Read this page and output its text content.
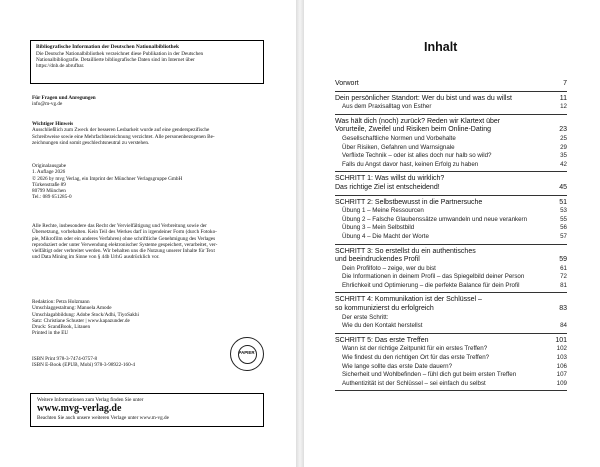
Bibliografische Information der Deutschen Nationalbibliothek
Die Deutsche Nationalbibliothek verzeichnet diese Publikation in der Deutschen
Nationalbibliografie. Detaillierte bibliografische Daten sind im Internet über
https://dnb.de abrufbar.
Für Fragen und Anregungen
info@m-vg.de
Wichtiger Hinweis
Ausschließlich zum Zweck der besseren Lesbarkeit wurde auf eine genderspezifische
Schreibweise sowie eine Mehrfachbezeichnung verzichtet. Alle personenbezogenen Be-
zeichnungen sind somit geschlechtsneutral zu verstehen.
Originalausgabe
1. Auflage 2026
© 2026 by mvg Verlag, ein Imprint der Münchner Verlagsgruppe GmbH
Türkenstraße 89
80799 München
Tel.: 089 651285-0
Alle Rechte, insbesondere das Recht der Vervielfältigung und Verbreitung sowie der
Übersetzung, vorbehalten. Kein Teil des Werkes darf in irgendeiner Form (durch Fotoko-
pie, Mikrofilm oder ein anderes Verfahren) ohne schriftliche Genehmigung des Verlages
reproduziert oder unter Verwendung elektronischer Systeme gespeichert, verarbeitet, ver-
vielfältigt oder verbreitet werden. Wir behalten uns die Nutzung unserer Inhalte für Text
und Data Mining im Sinne von § 44b UrhG ausdrücklich vor.
Redaktion: Petra Holzmann
Umschlaggestaltung: Manuela Amode
Umschlagabbildung: Adobe Stock/Adhi, TiyoSakhi
Satz: Christiane Schuster | www.kapazunder.de
Druck: ScandBook, Litauen
Printed in the EU
ISBN Print 978-3-7474-0757-8
ISBN E-Book (EPUB, Mobi) 978-3-98922-160-4
PAPIER
Weitere Informationen zum Verlag finden Sie unter
www.mvg-verlag.de
Beachten Sie auch unsere weiteren Verlage unter www.m-vg.de
Inhalt
Vorwort	7
Dein persönlicher Standort: Wer du bist und was du willst	11
Aus dem Praxisalltag von Esther	12
Was hält dich (noch) zurück? Reden wir Klartext über
Vorurteile, Zweifel und Risiken beim Online-Dating	23
Gesellschaftliche Normen und Vorbehalte	25
Über Risiken, Gefahren und Warnsignale	29
Verflixte Technik – oder ist alles doch nur halb so wild?	35
Falls du Angst davor hast, keinen Erfolg zu haben	42
SCHRITT 1: Was willst du wirklich?
Das richtige Ziel ist entscheidend!	45
SCHRITT 2: Selbstbewusst in die Partnersuche	51
Übung 1 – Meine Ressourcen	53
Übung 2 – Falsche Glaubenssätze umwandeln und neue verankern	55
Übung 3 – Mein Selbstbild	56
Übung 4 – Die Macht der Worte	57
SCHRITT 3: So erstellst du ein authentisches
und beeindruckendes Profil	59
Dein Profilfoto – zeige, wer du bist	61
Die Informationen in deinem Profil – das Spiegelbild deiner Person	72
Ehrlichkeit und Optimierung – die perfekte Balance für dein Profil	81
SCHRITT 4: Kommunikation ist der Schlüssel –
so kommunizierst du erfolgreich	83
Der erste Schritt:
Wie du den Kontakt herstellst	84
SCHRITT 5: Das erste Treffen	101
Wann ist der richtige Zeitpunkt für ein erstes Treffen?	102
Wie findest du den richtigen Ort für das erste Treffen?	103
Wie lange sollte das erste Date dauern?	106
Sicherheit und Wohlbefinden – fühl dich gut beim ersten Treffen	107
Authentizität ist der Schlüssel – sei einfach du selbst	109
